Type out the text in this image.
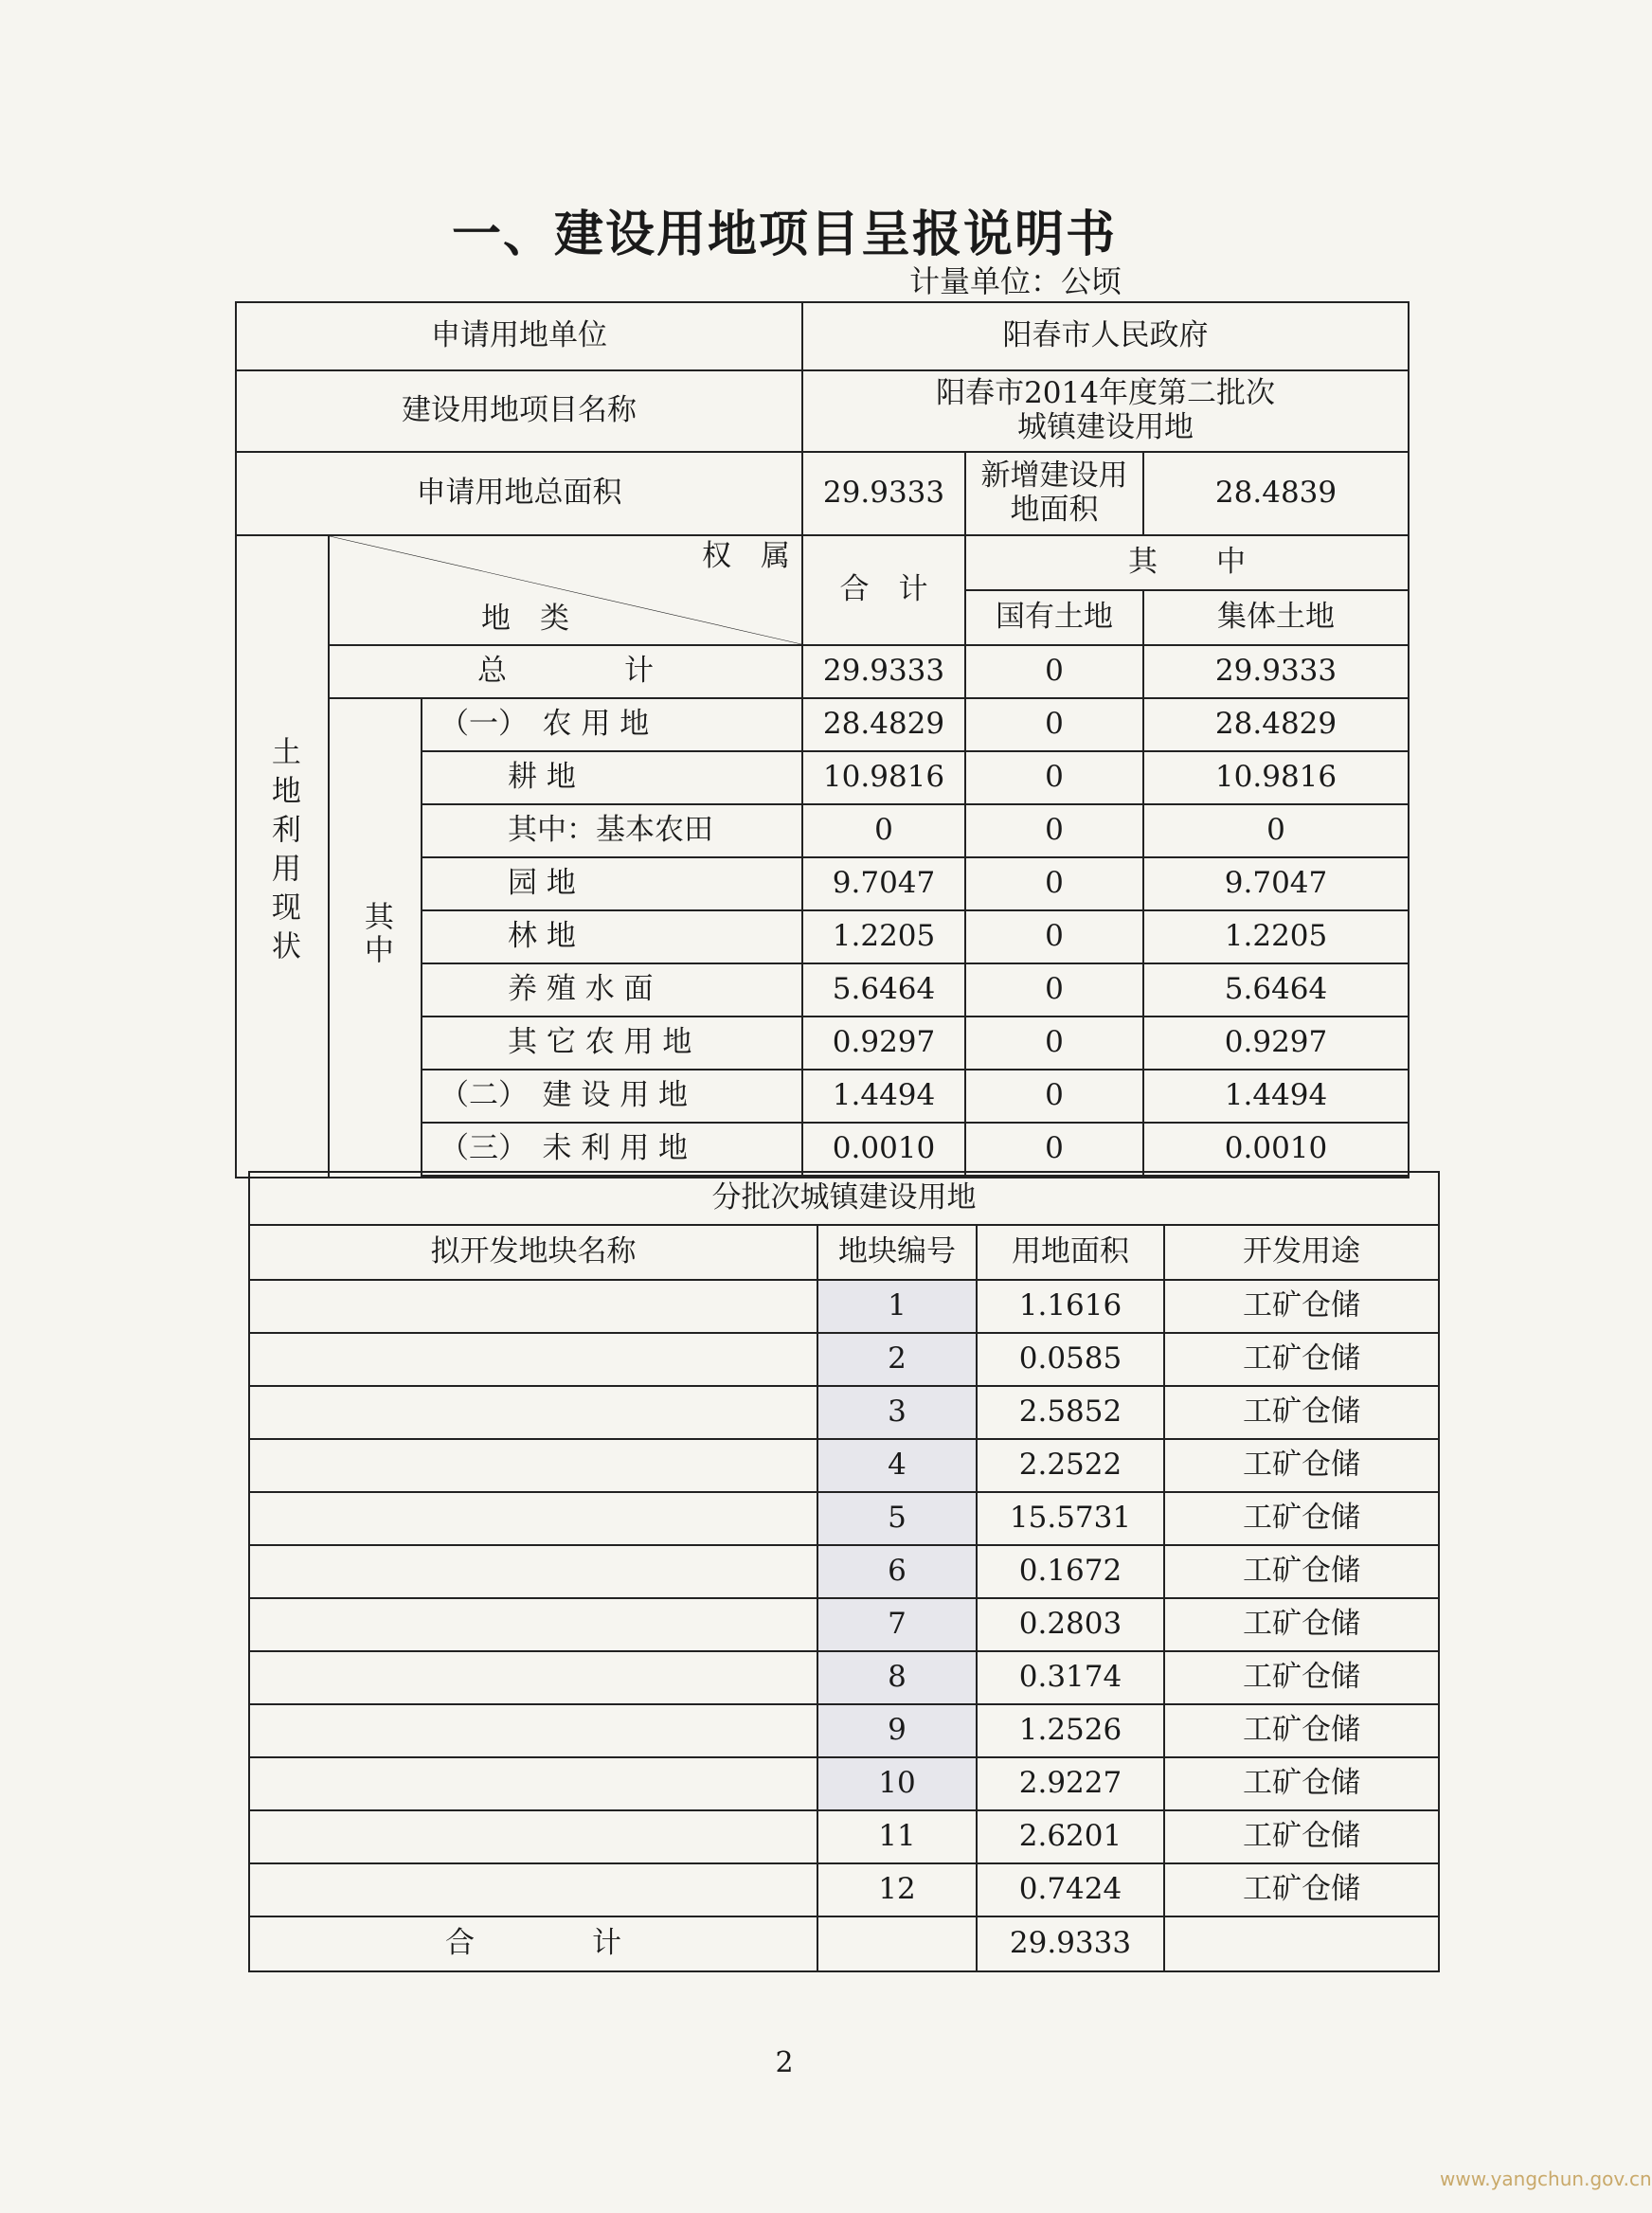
一、建设用地项目呈报说明书
计量单位：公顷
申请用地单位			阳春市人民政府		
建设用地项目名称			阳春市2014年度第二批次
城镇建设用地		

申请用地总面积			29.9333	新增建设用
地面积	28.4839
土地利用现状	权　属
地　类		合　计	其　　中	
				国有土地	集体土地
	总　　　　计		29.9333	0	29.9333
	其中	（一）　农 用 地	28.4829	0	28.4829
		耕 地	10.9816	0	10.9816
		其中：基本农田	0	0	0
		园 地	9.7047	0	9.7047
		林 地	1.2205	0	1.2205
		养 殖 水 面	5.6464	0	5.6464
		其 它 农 用 地	0.9297	0	0.9297
		（二）　建 设 用 地	1.4494	0	1.4494
		（三）　未 利 用 地	0.0010	0	0.0010

分批次城镇建设用地			
拟开发地块名称	地块编号	用地面积	开发用途
	1	1.1616	工矿仓储
	2	0.0585	工矿仓储
	3	2.5852	工矿仓储
	4	2.2522	工矿仓储
	5	15.5731	工矿仓储
	6	0.1672	工矿仓储
	7	0.2803	工矿仓储
	8	0.3174	工矿仓储
	9	1.2526	工矿仓储
	10	2.9227	工矿仓储
	11	2.6201	工矿仓储
	12	0.7424	工矿仓储
合　　　　计		29.9333	
2
www.yangchun.gov.cn
